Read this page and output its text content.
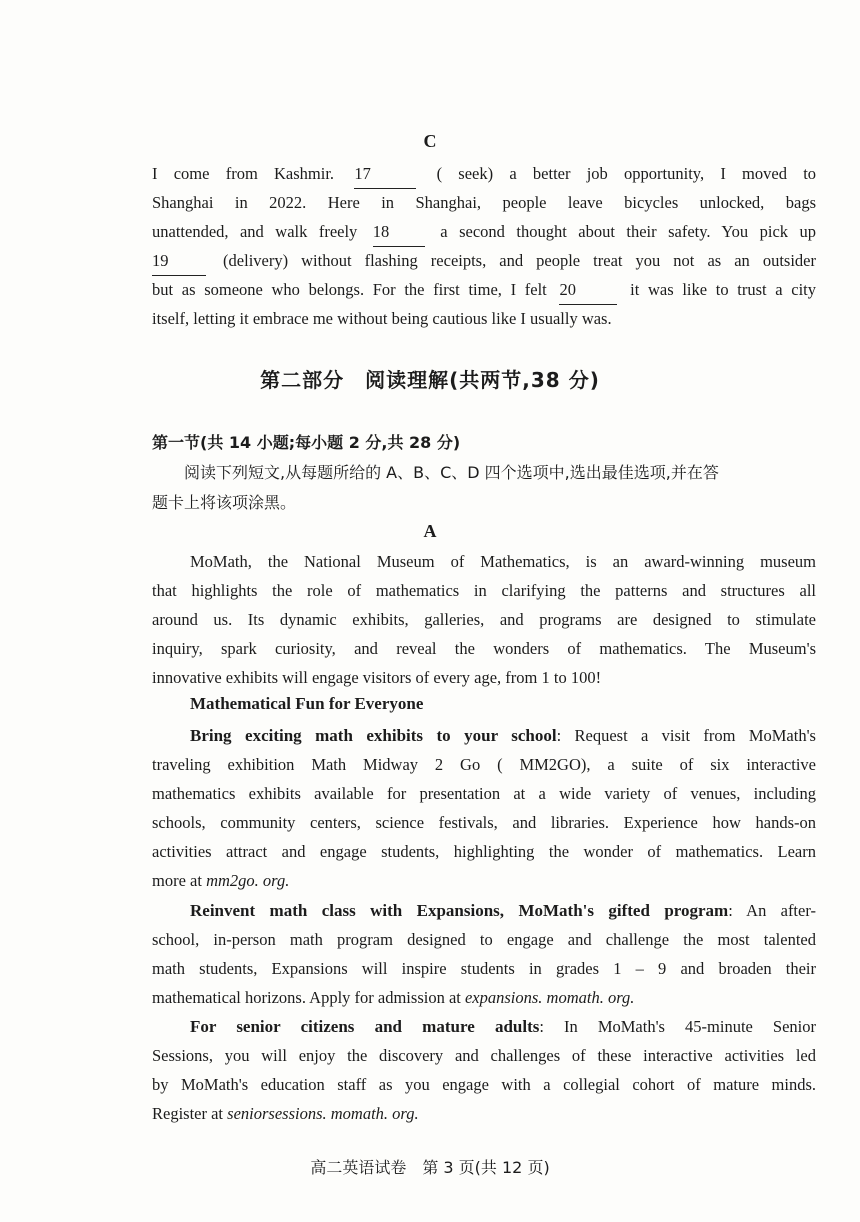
C
I come from Kashmir. 17	( seek) a better job opportunity, I moved to
Shanghai in 2022. Here in Shanghai, people leave bicycles unlocked, bags
unattended, and walk freely 18	a second thought about their safety. You pick up
19	(delivery) without flashing receipts, and people treat you not as an outsider
but as someone who belongs. For the first time, I felt 20	it was like to trust a city
itself, letting it embrace me without being cautious like I usually was.
第二部分　阅读理解(共两节,38 分)
第一节(共 14 小题;每小题 2 分,共 28 分)
阅读下列短文,从每题所给的 A、B、C、D 四个选项中,选出最佳选项,并在答
题卡上将该项涂黑。
A
MoMath, the National Museum of Mathematics, is an award-winning museum
that highlights the role of mathematics in clarifying the patterns and structures all
around us. Its dynamic exhibits, galleries, and programs are designed to stimulate
inquiry, spark curiosity, and reveal the wonders of mathematics. The Museum's
innovative exhibits will engage visitors of every age, from 1 to 100!
Mathematical Fun for Everyone
Bring exciting math exhibits to your school: Request a visit from MoMath's
traveling exhibition Math Midway 2 Go ( MM2GO), a suite of six interactive
mathematics exhibits available for presentation at a wide variety of venues, including
schools, community centers, science festivals, and libraries. Experience how hands-on
activities attract and engage students, highlighting the wonder of mathematics. Learn
more at mm2go. org.
Reinvent math class with Expansions, MoMath's gifted program: An after-
school, in-person math program designed to engage and challenge the most talented
math students, Expansions will inspire students in grades 1 – 9 and broaden their
mathematical horizons. Apply for admission at expansions. momath. org.
For senior citizens and mature adults: In MoMath's 45-minute Senior
Sessions, you will enjoy the discovery and challenges of these interactive activities led
by MoMath's education staff as you engage with a collegial cohort of mature minds.
Register at seniorsessions. momath. org.
高二英语试卷　第 3 页(共 12 页)
